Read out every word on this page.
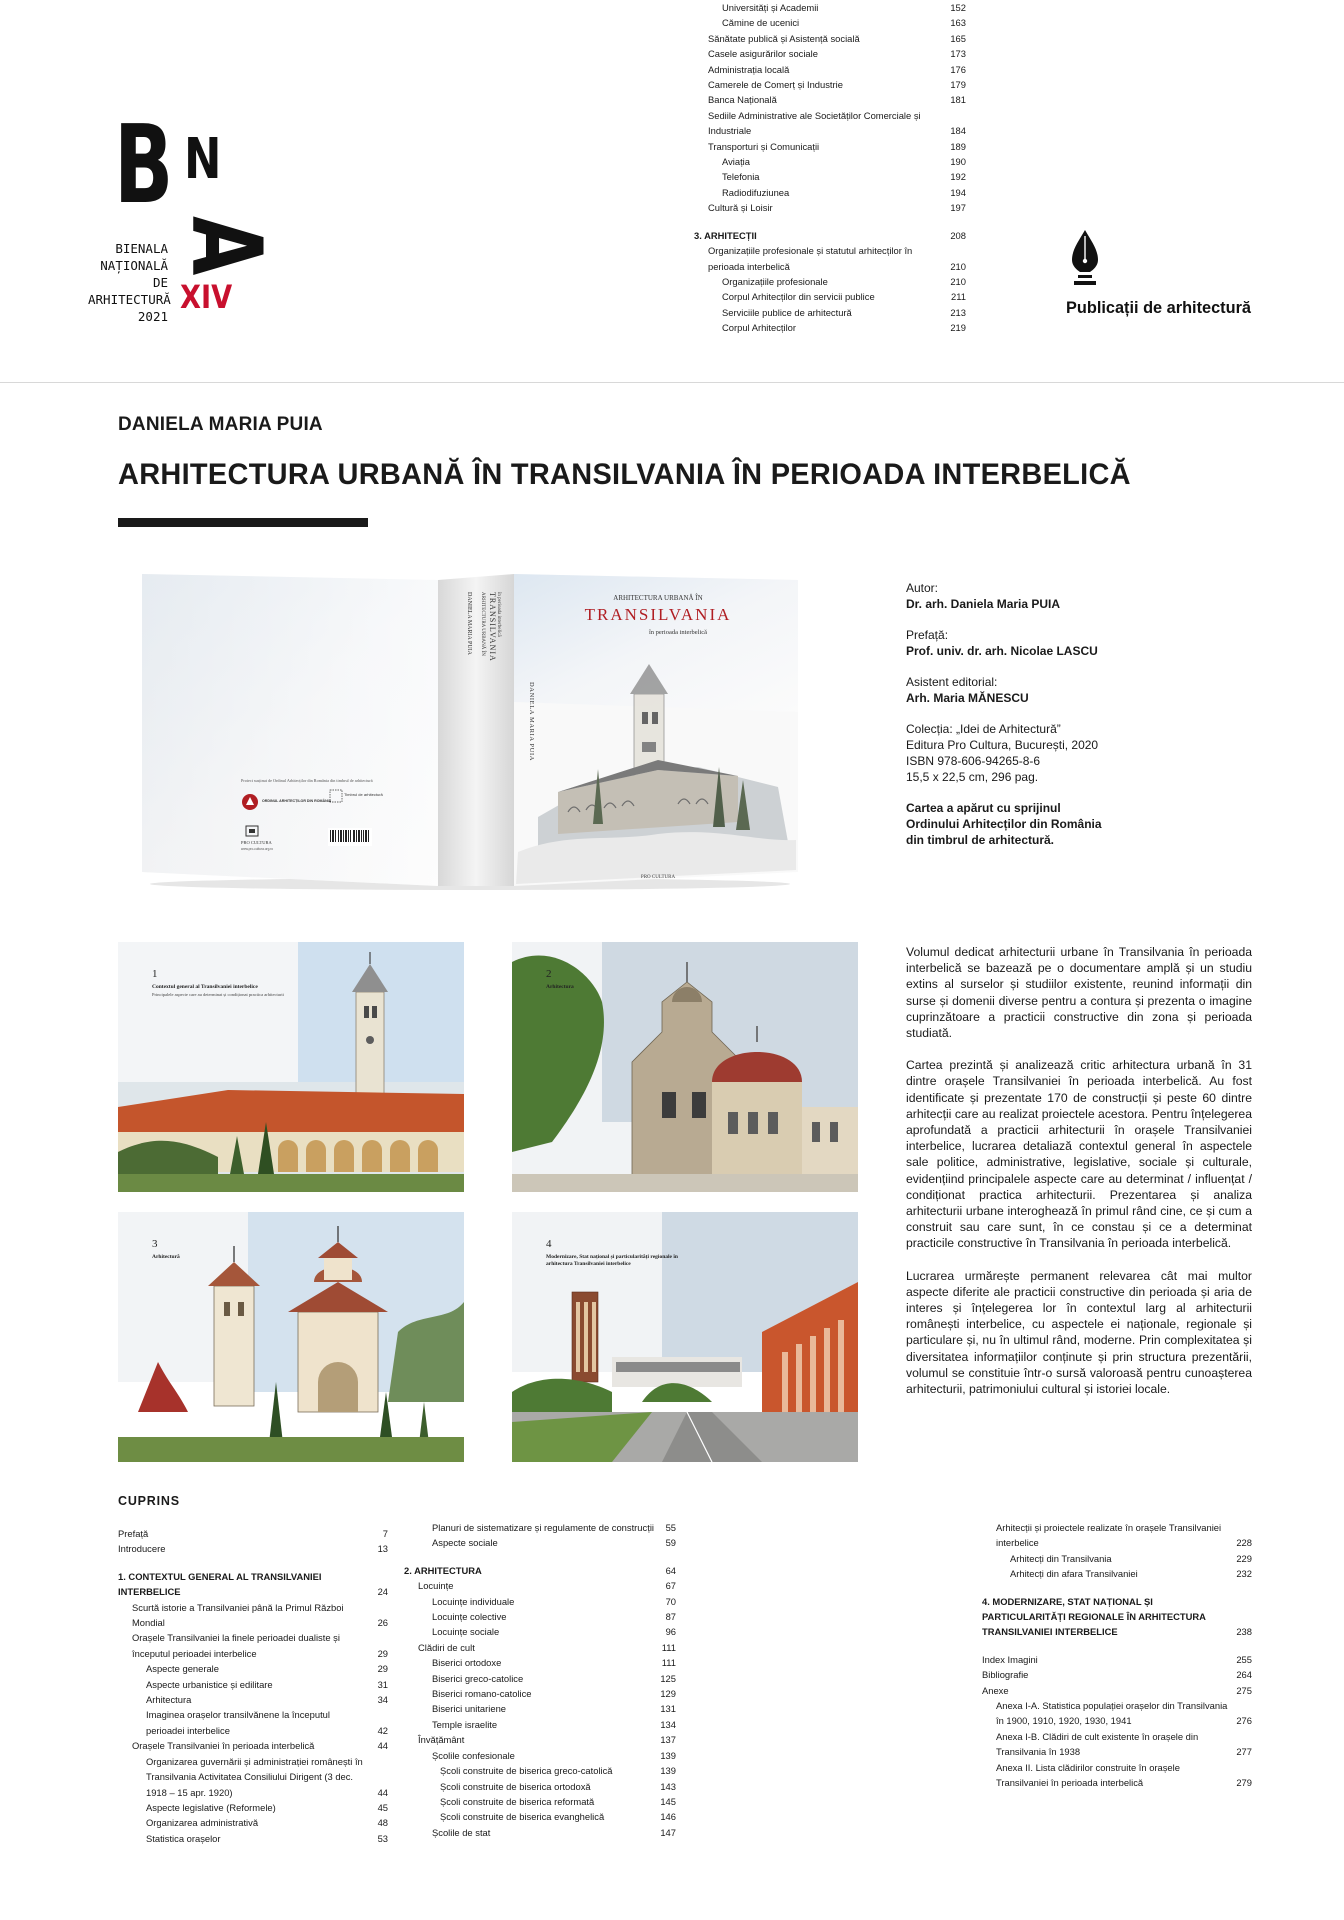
B N
A
BIENALA
NAȚIONALĂ
DE
ARHITECTURĂ
2021
XIV	Publicații de arhitectură
DANIELA MARIA PUIA
ARHITECTURA URBANĂ ÎN TRANSILVANIA ÎN PERIOADA INTERBELICĂ
ARHITECTURA URBANĂ ÎN
TRANSILVANIA
în perioada interbelică
PRO CULTURA
DANIELA MARIA PUIA ARHITECTURA URBANĂ ÎN TRANSILVANIA în perioada interbelică
DANIELA MARIA PUIA
Proiect susținut de Ordinul Arhitecților din România din timbrul de arhitectură
ORDINUL ARHITECȚILOR DIN ROMÂNIA
Timbrul de arhitectură
PRO CULTURA
www.pro-cultura.org.ro
Autor:
Dr. arh. Daniela Maria PUIA
Prefață:
Prof. univ. dr. arh. Nicolae LASCU
Asistent editorial:
Arh. Maria MĂNESCU
Colecția: „Idei de Arhitectură”
Editura Pro Cultura, București, 2020
ISBN 978-606-94265-8-6
15,5 x 22,5 cm, 296 pag.
Cartea a apărut cu sprijinul
Ordinului Arhitecților din România
din timbrul de arhitectură.
1
Contextul general al Transilvaniei interbelice
Principalele aspecte care au determinat și condiționat practica arhitecturii
2
Arhitectura
3
Arhitectură
4
Modernizare, Stat național și particularități regionale în arhitectura Transilvaniei interbelice

Volumul dedicat arhitecturii urbane în Transilvania în perioada interbelică se bazează pe o documentare amplă și un studiu extins al surselor și studiilor existente, reunind informații din surse și domenii diverse pentru a contura și prezenta o imagine cuprinzătoare a practicii constructive din zona și perioada studiată.

Cartea prezintă și analizează critic arhitectura urbană în 31 dintre orașele Transilvaniei în perioada interbelică. Au fost identificate și prezentate 170 de construcții și peste 60 dintre arhitecții care au realizat proiectele acestora. Pentru înțelegerea aprofundată a practicii arhitecturii în orașele Transilvaniei interbelice, lucrarea detaliază contextul general în aspectele sale politice, administrative, legislative, sociale și culturale, evidențiind principalele aspecte care au determinat / influențat / condiționat practica arhitecturii. Prezentarea și analiza arhitecturii urbane interoghează în primul rând cine, ce și cum a construit sau care sunt, în ce constau și ce a determinat practicile constructive în Transilvania în perioada interbelică.

Lucrarea urmărește permanent relevarea cât mai multor aspecte diferite ale practicii constructive din perioada și aria de interes și înțelegerea lor în contextul larg al arhitecturii românești interbelice, cu aspectele ei naționale, regionale și particulare și, nu în ultimul rând, moderne. Prin complexitatea și diversitatea informațiilor conținute și prin structura prezentării, volumul se constituie într-o sursă valoroasă pentru cunoașterea arhitecturii, patrimoniului cultural și istoriei locale.

CUPRINS
Prefață	7
Introducere	13
1. CONTEXTUL GENERAL AL TRANSILVANIEI INTERBELICE	24
Scurtă istorie a Transilvaniei până la Primul Război Mondial	26
Orașele Transilvaniei la finele perioadei dualiste și începutul perioadei interbelice	29
Aspecte generale	29
Aspecte urbanistice și edilitare	31
Arhitectura	34
Imaginea orașelor transilvănene la începutul perioadei interbelice	42
Orașele Transilvaniei în perioada interbelică	44
Organizarea guvernării și administrației românești în Transilvania Activitatea Consiliului Dirigent (3 dec. 1918 – 15 apr. 1920)	44
Aspecte legislative (Reformele)	45
Organizarea administrativă	48
Statistica orașelor	53
Planuri de sistematizare și regulamente de construcții	55
Aspecte sociale	59
2. ARHITECTURA	64
Locuințe	67
Locuințe individuale	70
Locuințe colective	87
Locuințe sociale	96
Clădiri de cult	111
Biserici ortodoxe	111
Biserici greco-catolice	125
Biserici romano-catolice	129
Biserici unitariene	131
Temple israelite	134
Învățământ	137
Școlile confesionale	139
Școli construite de biserica greco-catolică	139
Școli construite de biserica ortodoxă	143
Școli construite de biserica reformată	145
Școli construite de biserica evanghelică	146
Școlile de stat	147
Universități și Academii	152
Cămine de ucenici	163
Sănătate publică și Asistență socială	165
Casele asigurărilor sociale	173
Administrația locală	176
Camerele de Comerț și Industrie	179
Banca Națională	181
Sediile Administrative ale Societăților Comerciale și Industriale	184
Transporturi și Comunicații	189
Aviația	190
Telefonia	192
Radiodifuziunea	194
Cultură și Loisir	197
3. ARHITECȚII	208
Organizațiile profesionale și statutul arhitecților în perioada interbelică	210
Organizațiile profesionale	210
Corpul Arhitecților din servicii publice	211
Serviciile publice de arhitectură	213
Corpul Arhitecților	219
Arhitecții și proiectele realizate în orașele Transilvaniei interbelice	228
Arhitecți din Transilvania	229
Arhitecți din afara Transilvaniei	232
4. MODERNIZARE, STAT NAȚIONAL ȘI PARTICULARITĂȚI REGIONALE ÎN ARHITECTURA TRANSILVANIEI INTERBELICE	238
Index Imagini	255
Bibliografie	264
Anexe	275
Anexa I-A. Statistica populației orașelor din Transilvania în 1900, 1910, 1920, 1930, 1941	276
Anexa I-B. Clădiri de cult existente în orașele din Transilvania în 1938	277
Anexa II. Lista clădirilor construite în orașele Transilvaniei în perioada interbelică	279
